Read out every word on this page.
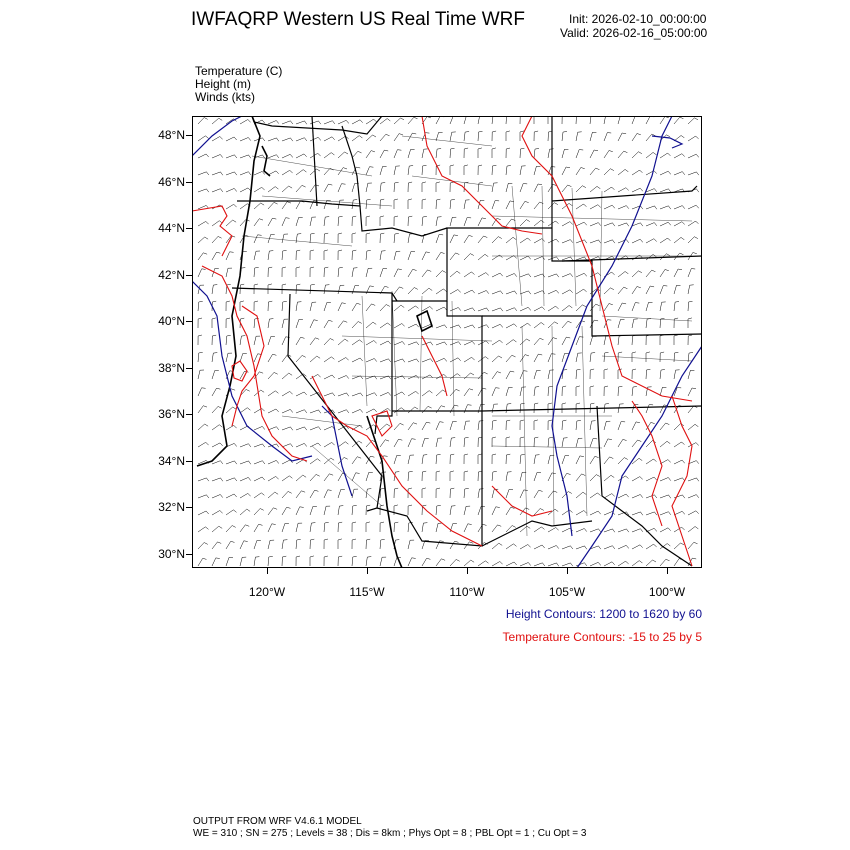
IWFAQRP Western US Real Time WRF	Init: 2026-02-10_00:00:00
Valid: 2026-02-16_05:00:00
Temperature (C)
Height (m)
Winds (kts)
48°N
46°N
44°N
42°N
40°N
38°N
36°N
34°N
32°N
30°N
120°W	115°W	110°W	105°W	100°W
Height Contours: 1200 to 1620 by 60
Temperature Contours: -15 to 25 by 5
OUTPUT FROM WRF V4.6.1 MODEL
WE = 310 ; SN = 275 ; Levels = 38 ; Dis = 8km ; Phys Opt = 8 ; PBL Opt = 1 ; Cu Opt = 3
